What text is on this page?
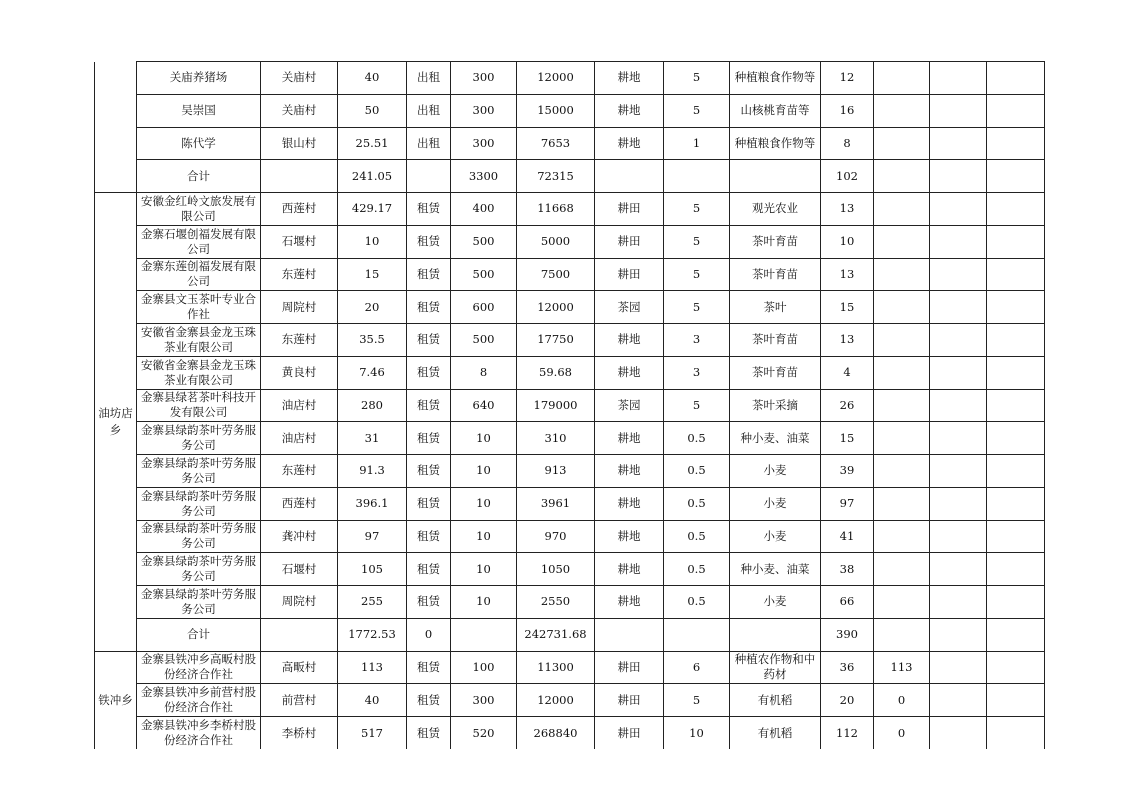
	关庙养猪场	关庙村	40	出租	300	12000	耕地	5	种植粮食作物等	12			
	吴崇国	关庙村	50	出租	300	15000	耕地	5	山核桃育苗等	16			
	陈代学	银山村	25.51	出租	300	7653	耕地	1	种植粮食作物等	8			
	合计		241.05		3300	72315				102			
油坊店乡	安徽金红岭文旅发展有限公司	西莲村	429.17	租赁	400	11668	耕田	5	观光农业	13			
	金寨石堰创福发展有限公司	石堰村	10	租赁	500	5000	耕田	5	茶叶育苗	10			
	金寨东莲创福发展有限公司	东莲村	15	租赁	500	7500	耕田	5	茶叶育苗	13			
	金寨县文玉茶叶专业合作社	周院村	20	租赁	600	12000	茶园	5	茶叶	15			
	安徽省金寨县金龙玉珠茶业有限公司	东莲村	35.5	租赁	500	17750	耕地	3	茶叶育苗	13			
	安徽省金寨县金龙玉珠茶业有限公司	黄良村	7.46	租赁	8	59.68	耕地	3	茶叶育苗	4			
	金寨县绿茗茶叶科技开发有限公司	油店村	280	租赁	640	179000	茶园	5	茶叶采摘	26			
	金寨县绿韵茶叶劳务服务公司	油店村	31	租赁	10	310	耕地	0.5	种小麦、油菜	15			
	金寨县绿韵茶叶劳务服务公司	东莲村	91.3	租赁	10	913	耕地	0.5	小麦	39			
	金寨县绿韵茶叶劳务服务公司	西莲村	396.1	租赁	10	3961	耕地	0.5	小麦	97			
	金寨县绿韵茶叶劳务服务公司	龚冲村	97	租赁	10	970	耕地	0.5	小麦	41			
	金寨县绿韵茶叶劳务服务公司	石堰村	105	租赁	10	1050	耕地	0.5	种小麦、油菜	38			
	金寨县绿韵茶叶劳务服务公司	周院村	255	租赁	10	2550	耕地	0.5	小麦	66			
	合计		1772.53	0		242731.68				390			
铁冲乡	金寨县铁冲乡高畈村股份经济合作社	高畈村	113	租赁	100	11300	耕田	6	种植农作物和中药材	36	113		
	金寨县铁冲乡前营村股份经济合作社	前营村	40	租赁	300	12000	耕田	5	有机稻	20	0		
	金寨县铁冲乡李桥村股份经济合作社	李桥村	517	租赁	520	268840	耕田	10	有机稻	112	0		
